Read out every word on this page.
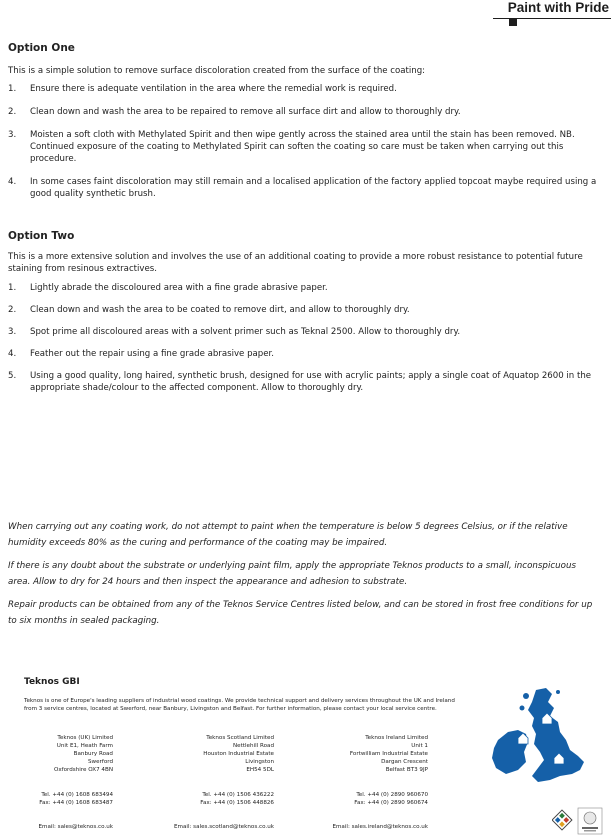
Paint with Pride
Option One

This is a simple solution to remove surface discoloration created from the surface of the coating:

1. Ensure there is adequate ventilation in the area where the remedial work is required.
2. Clean down and wash the area to be repaired to remove all surface dirt and allow to thoroughly dry.
3. Moisten a soft cloth with Methylated Spirit and then wipe gently across the stained area until the stain has been removed. NB. Continued exposure of the coating to Methylated Spirit can soften the coating so care must be taken when carrying out this procedure.
4. In some cases faint discoloration may still remain and a localised application of the factory applied topcoat maybe required using a good quality synthetic brush.
Option Two

This is a more extensive solution and involves the use of an additional coating to provide a more robust resistance to potential future staining from resinous extractives.

1. Lightly abrade the discoloured area with a fine grade abrasive paper.
2. Clean down and wash the area to be coated to remove dirt, and allow to thoroughly dry.
3. Spot prime all discoloured areas with a solvent primer such as Teknal 2500. Allow to thoroughly dry.
4. Feather out the repair using a fine grade abrasive paper.
5. Using a good quality, long haired, synthetic brush, designed for use with acrylic paints; apply a single coat of Aquatop 2600 in the appropriate shade/colour to the affected component. Allow to thoroughly dry.

When carrying out any coating work, do not attempt to paint when the temperature is below 5 degrees Celsius, or if the relative humidity exceeds 80% as the curing and performance of the coating may be impaired.

If there is any doubt about the substrate or underlying paint film, apply the appropriate Teknos products to a small, inconspicuous area. Allow to dry for 24 hours and then inspect the appearance and adhesion to substrate.

Repair products can be obtained from any of the Teknos Service Centres listed below, and can be stored in frost free conditions for up to six months in sealed packaging.

Teknos GBI
Teknos is one of Europe's leading suppliers of industrial wood coatings. We provide technical support and delivery services throughout the UK and Ireland from 3 service centres, located at Swerford, near Banbury, Livingston and Belfast. For further information, please contact your local service centre.
Teknos (UK) Limited
Unit E1, Heath Farm
Banbury Road
Swerford
Oxfordshire OX7 4BN
Tel. +44 (0) 1608 683494
Fax: +44 (0) 1608 683487
Email: sales@teknos.co.uk
Teknos Scotland Limited
Nettlehill Road
Houston Industrial Estate
Livingston
EH54 5DL
Tel. +44 (0) 1506 436222
Fax: +44 (0) 1506 448826
Email: sales.scotland@teknos.co.uk
Teknos Ireland Limited
Unit 1
Fortwilliam Industrial Estate
Dargan Crescent
Belfast BT3 9JP
Tel. +44 (0) 2890 960670
Fax: +44 (0) 2890 960674
Email: sales.ireland@teknos.co.uk
